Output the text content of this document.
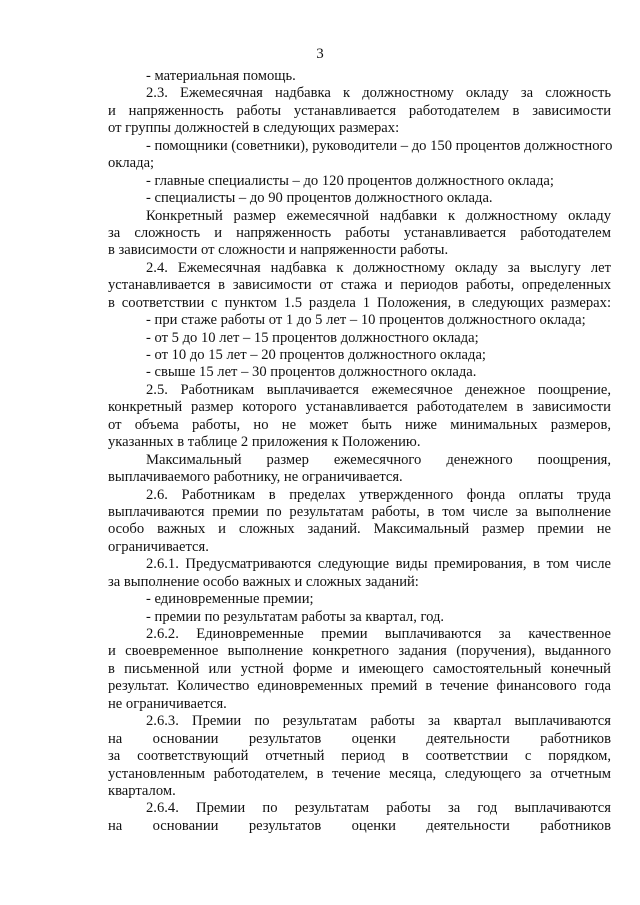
3
- материальная помощь.
2.3. Ежемесячная надбавка к должностному окладу за сложность
и напряженность работы устанавливается работодателем в зависимости
от группы должностей в следующих размерах:
- помощники (советники), руководители – до 150 процентов должностного
оклада;
- главные специалисты – до 120 процентов должностного оклада;
- специалисты – до 90 процентов должностного оклада.
Конкретный размер ежемесячной надбавки к должностному окладу
за сложность и напряженность работы устанавливается работодателем
в зависимости от сложности и напряженности работы.
2.4. Ежемесячная надбавка к должностному окладу за выслугу лет
устанавливается в зависимости от стажа и периодов работы, определенных
в соответствии с пунктом 1.5 раздела 1 Положения, в следующих размерах:
- при стаже работы от 1 до 5 лет – 10 процентов должностного оклада;
- от 5 до 10 лет – 15 процентов должностного оклада;
- от 10 до 15 лет – 20 процентов должностного оклада;
- свыше 15 лет – 30 процентов должностного оклада.
2.5. Работникам выплачивается ежемесячное денежное поощрение,
конкретный размер которого устанавливается работодателем в зависимости
от объема работы, но не может быть ниже минимальных размеров,
указанных в таблице 2 приложения к Положению.
Максимальный размер ежемесячного денежного поощрения,
выплачиваемого работнику, не ограничивается.
2.6. Работникам в пределах утвержденного фонда оплаты труда
выплачиваются премии по результатам работы, в том числе за выполнение
особо важных и сложных заданий. Максимальный размер премии не
ограничивается.
2.6.1. Предусматриваются следующие виды премирования, в том числе
за выполнение особо важных и сложных заданий:
- единовременные премии;
- премии по результатам работы за квартал, год.
2.6.2. Единовременные премии выплачиваются за качественное
и своевременное выполнение конкретного задания (поручения), выданного
в письменной или устной форме и имеющего самостоятельный конечный
результат. Количество единовременных премий в течение финансового года
не ограничивается.
2.6.3. Премии по результатам работы за квартал выплачиваются
на основании результатов оценки деятельности работников
за соответствующий отчетный период в соответствии с порядком,
установленным работодателем, в течение месяца, следующего за отчетным
кварталом.
2.6.4. Премии по результатам работы за год выплачиваются
на основании результатов оценки деятельности работников
